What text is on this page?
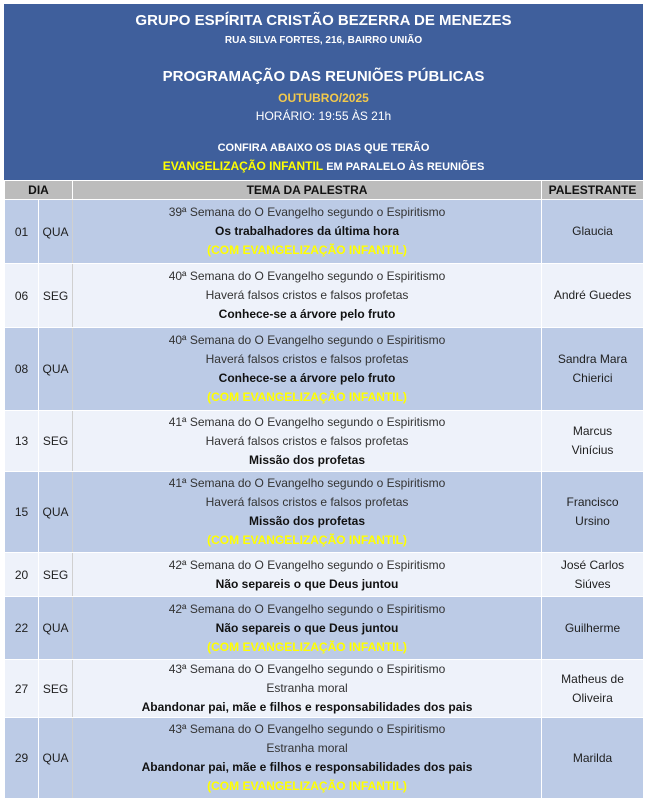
GRUPO ESPÍRITA CRISTÃO BEZERRA DE MENEZES
RUA SILVA FORTES, 216, BAIRRO UNIÃO
PROGRAMAÇÃO DAS REUNIÕES PÚBLICAS
OUTUBRO/2025
HORÁRIO: 19:55 ÀS 21h
CONFIRA ABAIXO OS DIAS QUE TERÃO
EVANGELIZAÇÃO INFANTIL EM PARALELO ÀS REUNIÕES
DIA		TEMA DA PALESTRA	PALESTRANTE
01	QUA	39ª Semana do O Evangelho segundo o Espiritismo
Os trabalhadores da última hora
(COM EVANGELIZAÇÃO INFANTIL)	Glaucia
06	SEG	40ª Semana do O Evangelho segundo o Espiritismo
Haverá falsos cristos e falsos profetas
Conhece-se a árvore pelo fruto	André Guedes
08	QUA	40ª Semana do O Evangelho segundo o Espiritismo
Haverá falsos cristos e falsos profetas
Conhece-se a árvore pelo fruto
(COM EVANGELIZAÇÃO INFANTIL)	Sandra Mara Chierici
13	SEG	41ª Semana do O Evangelho segundo o Espiritismo
Haverá falsos cristos e falsos profetas
Missão dos profetas	Marcus Vinícius
15	QUA	41ª Semana do O Evangelho segundo o Espiritismo
Haverá falsos cristos e falsos profetas
Missão dos profetas
(COM EVANGELIZAÇÃO INFANTIL)	Francisco Ursino
20	SEG	42ª Semana do O Evangelho segundo o Espiritismo
Não separeis o que Deus juntou	José Carlos Siúves
22	QUA	42ª Semana do O Evangelho segundo o Espiritismo
Não separeis o que Deus juntou
(COM EVANGELIZAÇÃO INFANTIL)	Guilherme
27	SEG	43ª Semana do O Evangelho segundo o Espiritismo
Estranha moral
Abandonar pai, mãe e filhos e responsabilidades dos pais	Matheus de Oliveira
29	QUA	43ª Semana do O Evangelho segundo o Espiritismo
Estranha moral
Abandonar pai, mãe e filhos e responsabilidades dos pais
(COM EVANGELIZAÇÃO INFANTIL)	Marilda
